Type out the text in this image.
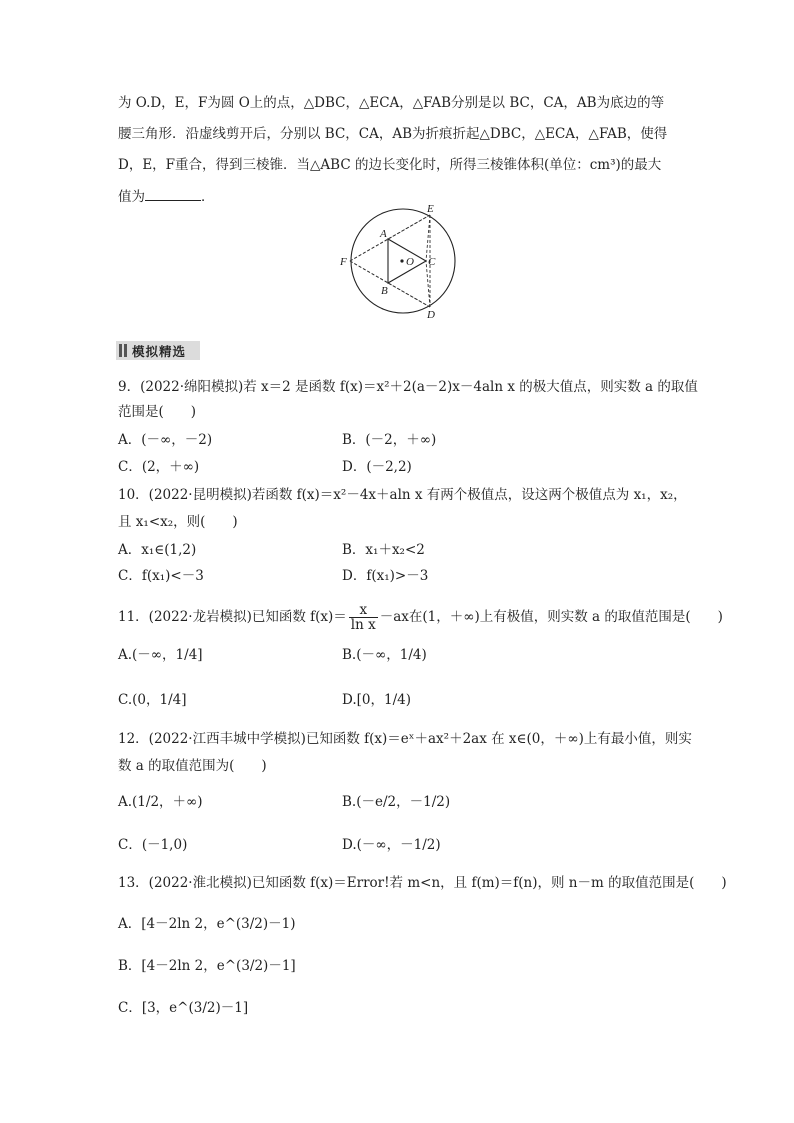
为 O.D，E，F为圆 O上的点，△DBC，△ECA，△FAB分别是以 BC，CA，AB为底边的等
腰三角形．沿虚线剪开后，分别以 BC，CA，AB为折痕折起△DBC，△ECA，△FAB，使得
D，E，F重合，得到三棱锥．当△ABC 的边长变化时，所得三棱锥体积(单位：cm³)的最大
值为	．
A
B
C
D
E
F	O
模拟精选
9．(2022·绵阳模拟)若 x＝2 是函数 f(x)＝x²＋2(a－2)x－4aln x 的极大值点，则实数 a 的取值
范围是(　　)
A．(－∞，－2)	B．(－2，＋∞)
C．(2，＋∞)	D．(－2,2)
10．(2022·昆明模拟)若函数 f(x)＝x²－4x＋aln x 有两个极值点，设这两个极值点为 x₁，x₂，
且 x₁<x₂，则(　　)
A．x₁∈(1,2)	B．x₁＋x₂<2
C．f(x₁)<－3	D．f(x₁)>－3
11．(2022·龙岩模拟)已知函数 $f(x)= \frac{x}{\text{ln x}} -ax$在(1，＋∞)上有极值，则实数 a 的取值范围是(　　)
A.(－∞，1/4]	B.(－∞，1/4)
C.(0，1/4]	D.[0，1/4)
12．(2022·江西丰城中学模拟)已知函数 f(x)＝eˣ＋ax²＋2ax 在 x∈(0，＋∞)上有最小值，则实
数 a 的取值范围为(　　)
A.(1/2，＋∞)	B.(－e/2，－1/2)
C．(－1,0)	D.(－∞，－1/2)
13．(2022·淮北模拟)已知函数 f(x)＝Error!若 m<n，且 f(m)＝f(n)，则 n－m 的取值范围是(　　)
A．[4－2ln 2，e^(3/2)－1)
B．[4－2ln 2，e^(3/2)－1]
C．[3，e^(3/2)－1]
